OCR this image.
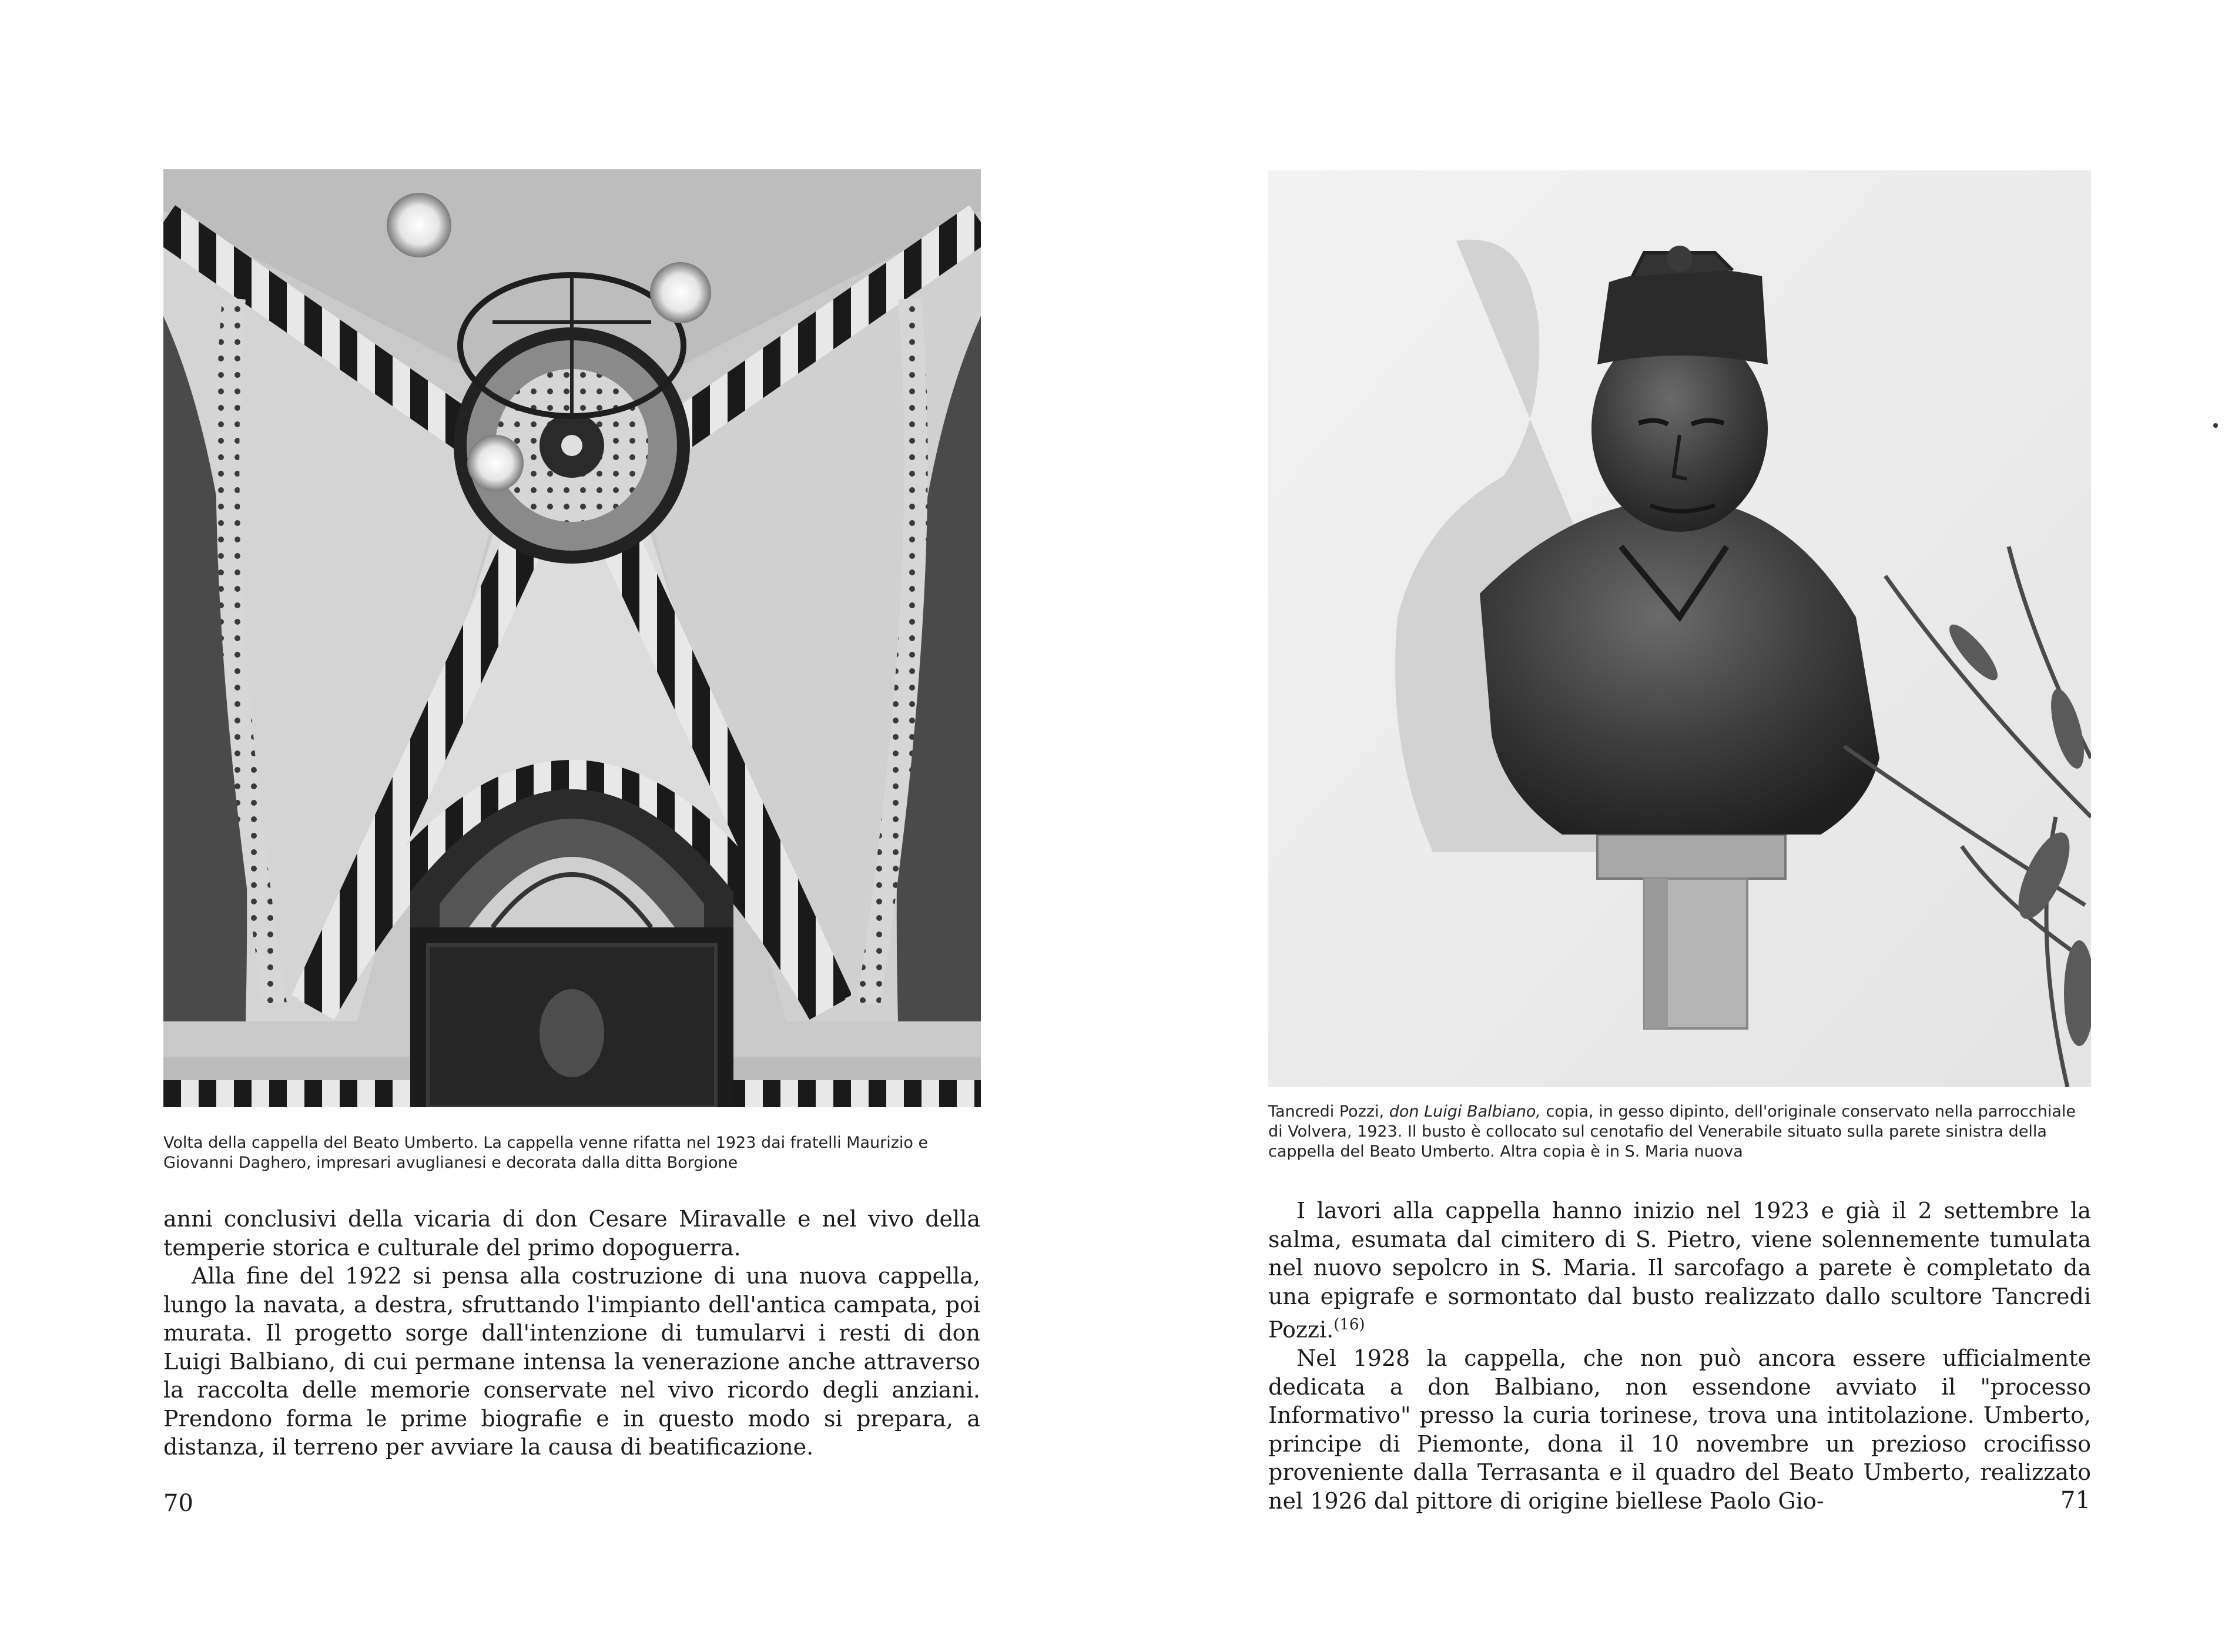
Volta della cappella del Beato Umberto. La cappella venne rifatta nel 1923 dai fratelli Maurizio e Giovanni Daghero, impresari avuglianesi e decorata dalla ditta Borgione

anni conclusivi della vicaria di don Cesare Miravalle e nel vivo della temperie storica e culturale del primo dopoguerra.

Alla fine del 1922 si pensa alla costruzione di una nuova cappella, lungo la navata, a destra, sfruttando l'impianto dell'antica campata, poi murata. Il progetto sorge dall'intenzione di tumularvi i resti di don Luigi Balbiano, di cui permane intensa la venerazione anche attraverso la raccolta delle memorie conservate nel vivo ricordo degli anziani. Prendono forma le prime biografie e in questo modo si prepara, a distanza, il terreno per avviare la causa di beatificazione.

70

Tancredi Pozzi, don Luigi Balbiano, copia, in gesso dipinto, dell'originale conservato nella parrocchiale di Volvera, 1923. Il busto è collocato sul cenotafio del Venerabile situato sulla parete sinistra della cappella del Beato Umberto. Altra copia è in S. Maria nuova

I lavori alla cappella hanno inizio nel 1923 e già il 2 settembre la salma, esumata dal cimitero di S. Pietro, viene solennemente tumulata nel nuovo sepolcro in S. Maria. Il sarcofago a parete è completato da una epigrafe e sormontato dal busto realizzato dallo scultore Tancredi Pozzi.$^{(16)}$

Nel 1928 la cappella, che non può ancora essere ufficialmente dedicata a don Balbiano, non essendone avviato il "processo Informativo" presso la curia torinese, trova una intitolazione. Umberto, principe di Piemonte, dona il 10 novembre un prezioso crocifisso proveniente dalla Terrasanta e il quadro del Beato Umberto, realizzato nel 1926 dal pittore di origine biellese Paolo Gio-	71
